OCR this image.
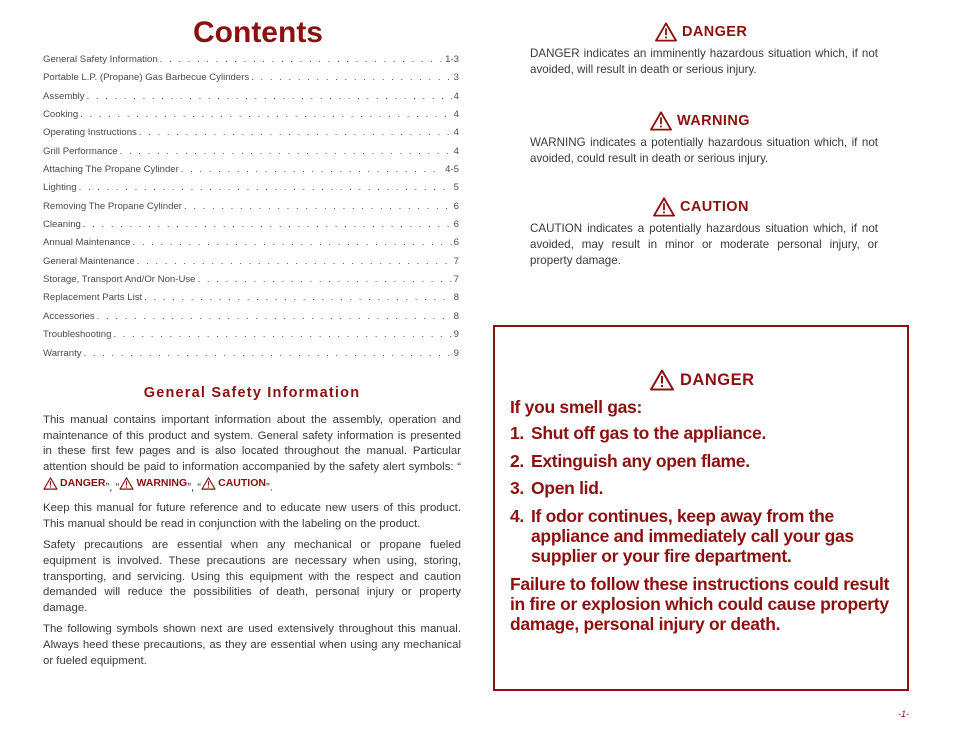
Contents
General Safety Information . . .	1-3
Portable L.P. (Propane) Gas Barbecue Cylinders . . .	3
Assembly . . .	4
Cooking . . .	4
Operating Instructions . . .	4
Grill Performance . . .	4
Attaching The Propane Cylinder . . .	4-5
Lighting . . .	5
Removing The Propane Cylinder . . .	6
Cleaning . . .	6
Annual Maintenance . . .	6
General Maintenance . . .	7
Storage, Transport And/Or Non-Use . . .	7
Replacement Parts List . . .	8
Accessories . . .	8
Troubleshooting . . .	9
Warranty . . .	9
General Safety Information

This manual contains important information about the assembly, operation and maintenance of this product and system. General safety information is presented in these first few pages and is also located throughout the manual. Particular attention should be paid to information accompanied by the safety alert symbols: “
DANGER ”, “ WARNING ”, “ CAUTION ”.

Keep this manual for future reference and to educate new users of this product. This manual should be read in conjunction with the labeling on the product.

Safety precautions are essential when any mechanical or propane fueled equipment is involved. These precautions are necessary when using, storing, transporting, and servicing. Using this equipment with the respect and caution demanded will reduce the possibilities of death, personal injury or property damage.

The following symbols shown next are used extensively throughout this manual. Always heed these precautions, as they are essential when using any mechanical or fueled equipment.

DANGER
DANGER indicates an imminently hazardous situation which, if not avoided, will result in death or serious injury.
WARNING
WARNING indicates a potentially hazardous situation which, if not avoided, could result in death or serious injury.
CAUTION
CAUTION indicates a potentially hazardous situation which, if not avoided, may result in minor or moderate personal injury, or property damage.
DANGER
If you smell gas:
1. Shut off gas to the appliance.
2. Extinguish any open flame.
3. Open lid.
4. If odor continues, keep away from the appliance and immediately call your gas supplier or your fire department.
Failure to follow these instructions could result in fire or explosion which could cause property damage, personal injury or death.
-1-
